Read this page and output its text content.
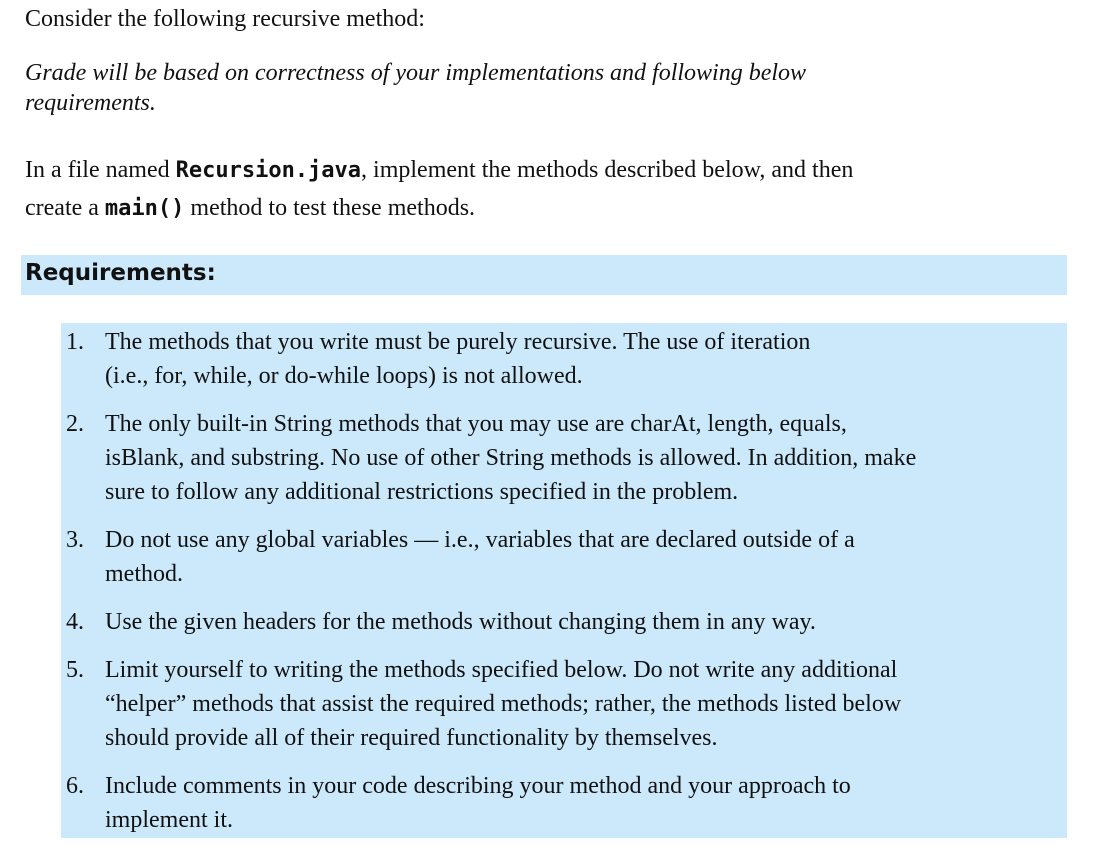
Consider the following recursive method:
Grade will be based on correctness of your implementations and following below
requirements.
In a file named Recursion.java, implement the methods described below, and then
create a main() method to test these methods.
Requirements:
1. The methods that you write must be purely recursive. The use of iteration
(i.e., for, while, or do-while loops) is not allowed.
2. The only built-in String methods that you may use are charAt, length, equals,
isBlank, and substring. No use of other String methods is allowed. In addition, make
sure to follow any additional restrictions specified in the problem.
3. Do not use any global variables — i.e., variables that are declared outside of a
method.
4. Use the given headers for the methods without changing them in any way.
5. Limit yourself to writing the methods specified below. Do not write any additional
“helper” methods that assist the required methods; rather, the methods listed below
should provide all of their required functionality by themselves.
6. Include comments in your code describing your method and your approach to
implement it.
